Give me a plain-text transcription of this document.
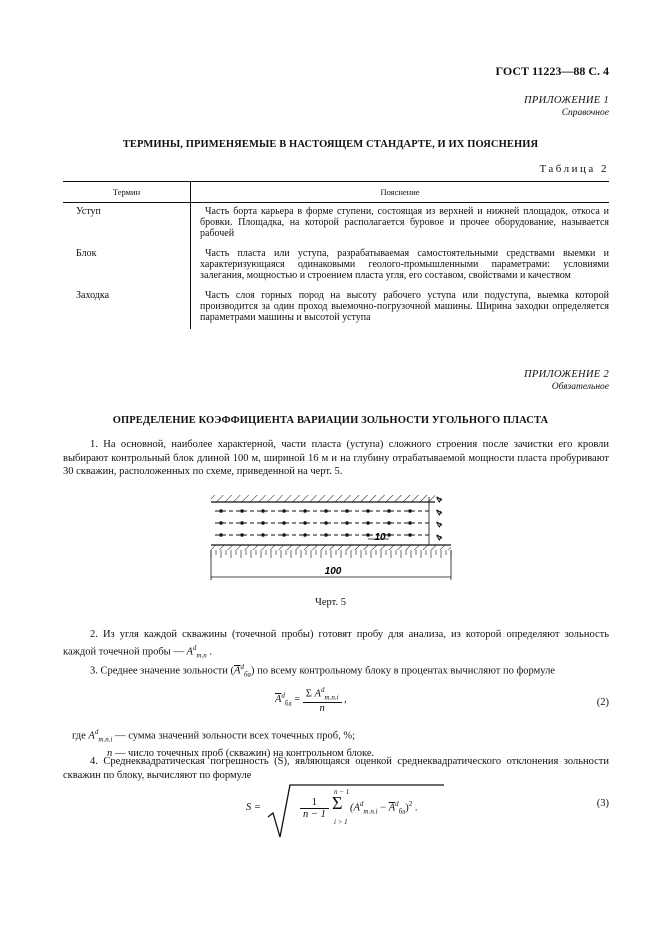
ГОСТ 11223—88 С. 4
ПРИЛОЖЕНИЕ 1
Справочное
ТЕРМИНЫ, ПРИМЕНЯЕМЫЕ В НАСТОЯЩЕМ СТАНДАРТЕ, И ИХ ПОЯСНЕНИЯ
Таблица 2
Термин	Пояснение
Уступ	Часть борта карьера в форме ступени, состоящая из верхней и нижней площадок, откоса и бровки. Площадка, на которой располагается буровое и прочее оборудование, называется рабочей
Блок	Часть пласта или уступа, разрабатываемая самостоятельными средствами выемки и характеризующаяся одинаковыми геолого-промышленными параметрами: условиями залегания, мощностью и строением пласта угля, его составом, свойствами и качеством
Заходка	Часть слоя горных пород на высоту рабочего уступа или подуступа, выемка которой производится за один проход выемочно-погрузочной машины. Ширина заходки определяется параметрами машины и высотой уступа
ПРИЛОЖЕНИЕ 2
Обязательное
ОПРЕДЕЛЕНИЕ КОЭФФИЦИЕНТА ВАРИАЦИИ ЗОЛЬНОСТИ УГОЛЬНОГО ПЛАСТА
1. На основной, наиболее характерной, части пласта (уступа) сложного строения после зачистки его кровли выбирают контрольный блок длиной 100 м, шириной 16 м и на глубину отрабатываемой мощности пласта пробуривают 30 скважин, расположенных по схеме, приведенной на черт. 5.
10
4
4
4
4
100
Черт. 5
2. Из угля каждой скважины (точечной пробы) готовят пробу для анализа, из которой определяют зольность каждой точечной пробы — $A^d_{т.п}$ .
3. Среднее значение зольности $(\overline{A}^d_{ба})$ по всему контрольному блоку в процентах вычисляют по формуле
$\overline{A}^d_{ба} = \frac{\Sigma A^d_{т.п.i}}{n}$ ,	(2)
где $A^d_{т.п.i}$ — сумма значений зольности всех точечных проб, %;
n — число точечных проб (скважин) на контрольном блоке.
4. Среднеквадратическая погрешность (S), являющаяся оценкой среднеквадратического отклонения зольности скважин по блоку, вычисляют по формуле
S =	$\frac{1}{n - 1}$
n − 1
Σ
i > 1
$(A^d_{т.п.i} - \overline{A}^d_{ба})^2$ .	(3)
